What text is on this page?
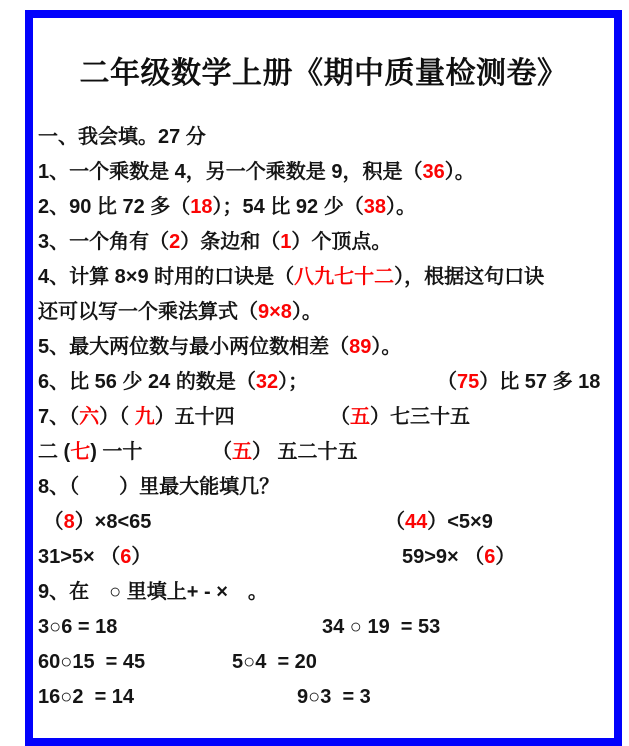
二年级数学上册《期中质量检测卷》
一、我会填。27 分
1、一个乘数是 4，另一个乘数是 9，积是（36）。
2、90 比 72 多（18）；54 比 92 少（38）。
3、一个角有（2）条边和（1）个顶点。
4、计算 8×9 时用的口诀是（八九七十二），根据这句口诀
还可以写一个乘法算式（9×8）。
5、最大两位数与最小两位数相差（89）。
6、比 56 少 24 的数是（32）；	（75）比 57 多 18
7、（六）（ 九）五十四	（五）七三十五
二 (七) 一十	（五） 五二十五
8、（　　）里最大能填几？
（8）×8<65	（44）<5×9
31>5× （6）	59>9× （6）
9、在　○ 里填上+ - ×　。
3○6 = 18	34 ○ 19  = 53
60○15  = 45	5○4  = 20
16○2  = 14	9○3  = 3
